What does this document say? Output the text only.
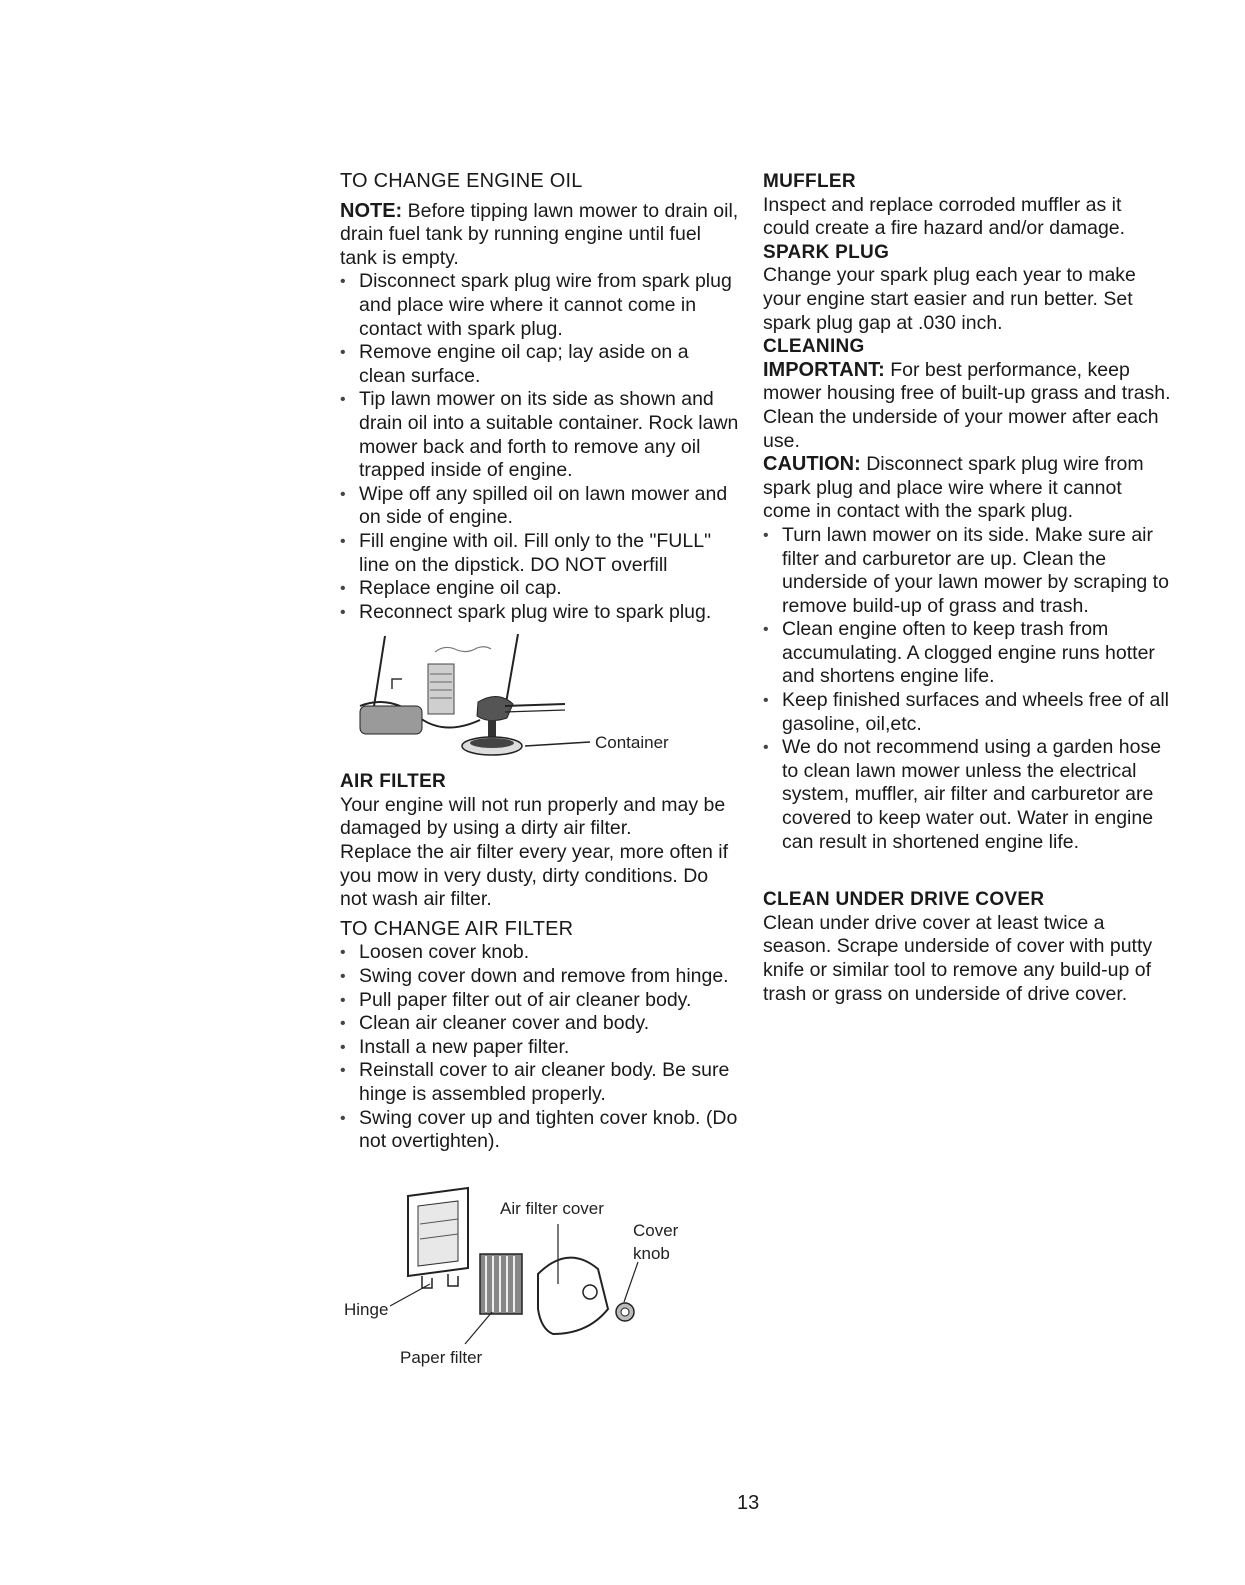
TO CHANGE ENGINE OIL

NOTE: Before tipping lawn mower to drain oil, drain fuel tank by running engine until fuel tank is empty.

• Disconnect spark plug wire from spark plug and place wire where it cannot come in contact with spark plug.
• Remove engine oil cap; lay aside on a clean surface.
• Tip lawn mower on its side as shown and drain oil into a suitable container. Rock lawn mower back and forth to remove any oil trapped inside of engine.
• Wipe off any spilled oil on lawn mower and on side of engine.
• Fill engine with oil. Fill only to the "FULL" line on the dipstick. DO NOT overfill
• Replace engine oil cap.
• Reconnect spark plug wire to spark plug.
Container

AIR FILTER

Your engine will not run properly and may be damaged by using a dirty air filter.

Replace the air filter every year, more often if you mow in very dusty, dirty conditions. Do not wash air filter.

TO CHANGE AIR FILTER

• Loosen cover knob.
• Swing cover down and remove from hinge.
• Pull paper filter out of air cleaner body.
• Clean air cleaner cover and body.
• Install a new paper filter.
• Reinstall cover to air cleaner body. Be sure hinge is assembled properly.
• Swing cover up and tighten cover knob. (Do not overtighten).
Air filter cover
Cover
knob
Hinge
Paper filter

MUFFLER

Inspect and replace corroded muffler as it could create a fire hazard and/or damage.

SPARK PLUG

Change your spark plug each year to make your engine start easier and run better. Set spark plug gap at .030 inch.

CLEANING

IMPORTANT: For best performance, keep mower housing free of built-up grass and trash. Clean the underside of your mower after each use.

CAUTION: Disconnect spark plug wire from spark plug and place wire where it cannot come in contact with the spark plug.

• Turn lawn mower on its side. Make sure air filter and carburetor are up. Clean the underside of your lawn mower by scraping to remove build-up of grass and trash.
• Clean engine often to keep trash from accumulating. A clogged engine runs hotter and shortens engine life.
• Keep finished surfaces and wheels free of all gasoline, oil,etc.
• We do not recommend using a garden hose to clean lawn mower unless the electrical system, muffler, air filter and carburetor are covered to keep water out. Water in engine can result in shortened engine life.

CLEAN UNDER DRIVE COVER

Clean under drive cover at least twice a season. Scrape underside of cover with putty knife or similar tool to remove any build-up of trash or grass on underside of drive cover.

13
